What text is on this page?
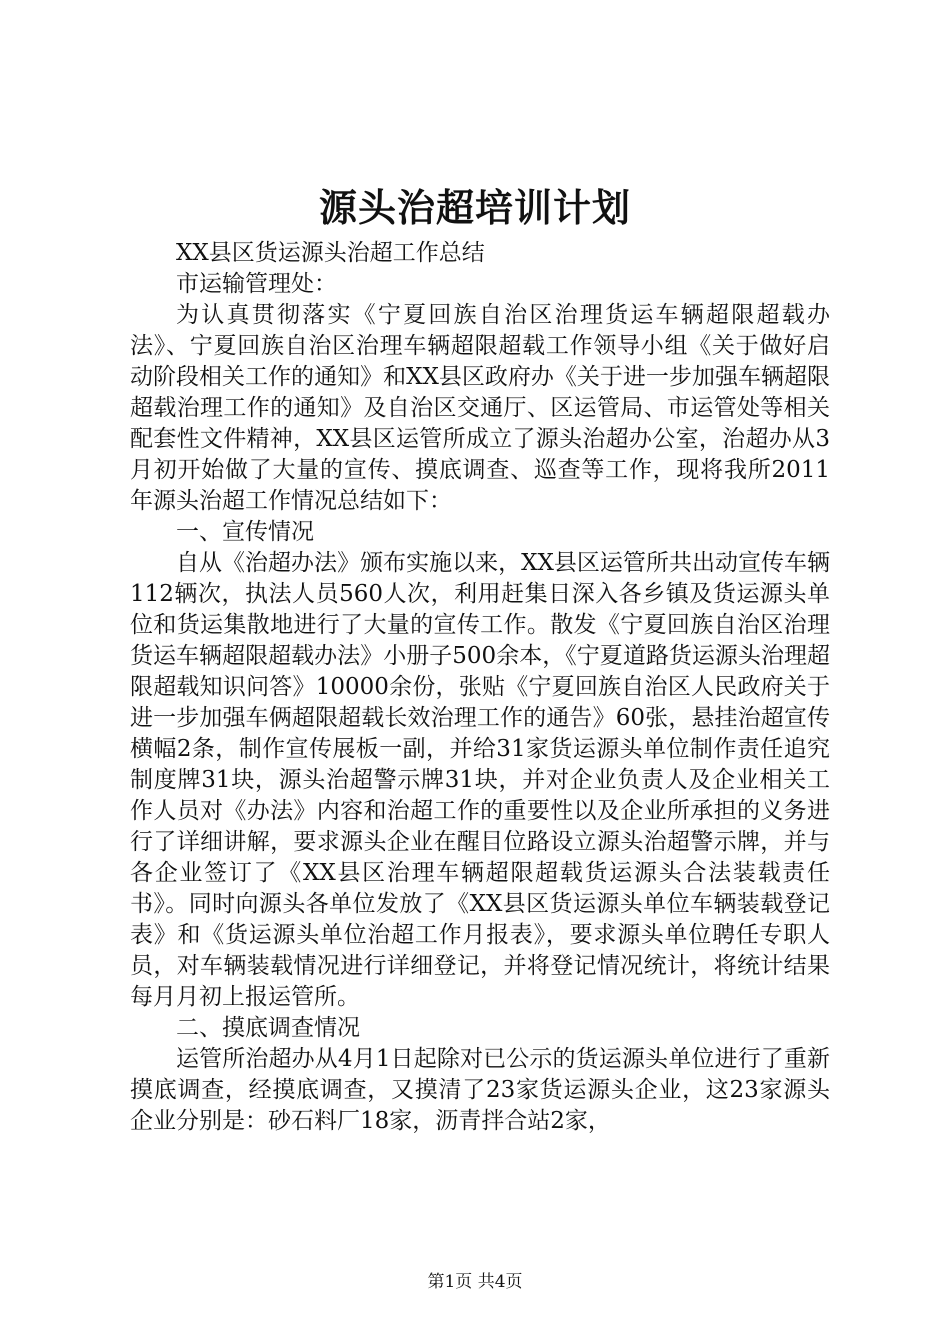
源头治超培训计划

XX县区货运源头治超工作总结

市运输管理处：

为认真贯彻落实《宁夏回族自治区治理货运车辆超限超载办法》、宁夏回族自治区治理车辆超限超载工作领导小组《关于做好启动阶段相关工作的通知》和XX县区政府办《关于进一步加强车辆超限超载治理工作的通知》及自治区交通厅、区运管局、市运管处等相关配套性文件精神，XX县区运管所成立了源头治超办公室，治超办从3月初开始做了大量的宣传、摸底调查、巡查等工作，现将我所2011年源头治超工作情况总结如下：

一、宣传情况

自从《治超办法》颁布实施以来，XX县区运管所共出动宣传车辆112辆次，执法人员560人次，利用赶集日深入各乡镇及货运源头单位和货运集散地进行了大量的宣传工作。散发《宁夏回族自治区治理货运车辆超限超载办法》小册子500余本，《宁夏道路货运源头治理超限超载知识问答》10000余份，张贴《宁夏回族自治区人民政府关于进一步加强车俩超限超载长效治理工作的通告》60张，悬挂治超宣传横幅2条，制作宣传展板一副，并给31家货运源头单位制作责任追究制度牌31块，源头治超警示牌31块，并对企业负责人及企业相关工作人员对《办法》内容和治超工作的重要性以及企业所承担的义务进行了详细讲解，要求源头企业在醒目位路设立源头治超警示牌，并与各企业签订了《XX县区治理车辆超限超载货运源头合法装载责任书》。同时向源头各单位发放了《XX县区货运源头单位车辆装载登记表》和《货运源头单位治超工作月报表》，要求源头单位聘任专职人员，对车辆装载情况进行详细登记，并将登记情况统计，将统计结果每月月初上报运管所。

二、摸底调查情况

运管所治超办从4月1日起除对已公示的货运源头单位进行了重新摸底调查，经摸底调查，又摸清了23家货运源头企业，这23家源头企业分别是：砂石料厂18家，沥青拌合站2家，

第1页 共4页
